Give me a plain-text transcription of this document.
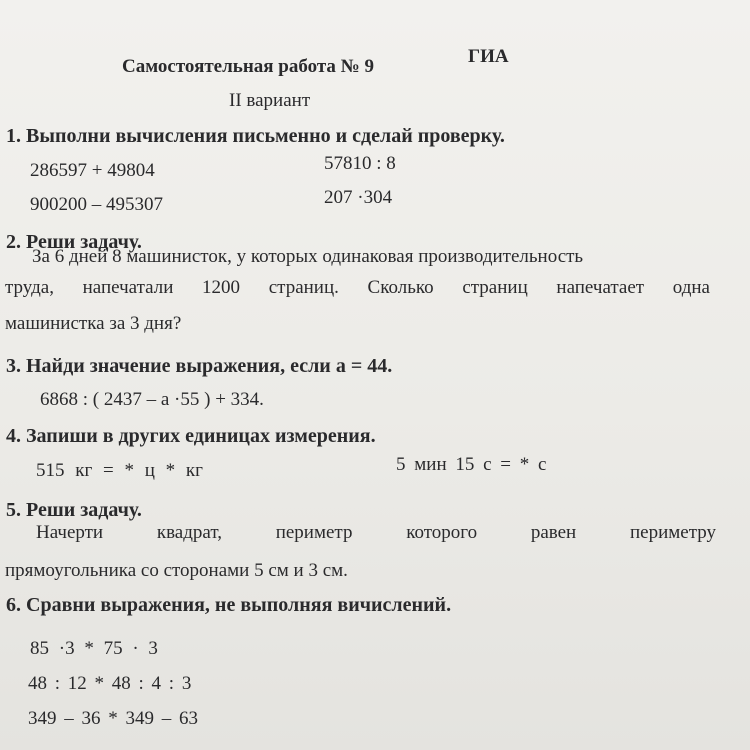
Самостоятельная работа № 9	ГИА
II вариант
1. Выполни вычисления письменно и сделай проверку.
286597 + 49804	57810 : 8
900200 – 495307	207 ·304
2. Реши задачу.
За 6 дней 8 машинисток, у которых одинаковая производительность
труда, напечатали 1200 страниц. Сколько страниц напечатает одна
машинистка за 3 дня?
3. Найди значение выражения, если а = 44.
6868 : ( 2437 – а ·55 ) + 334.
4. Запиши в других единицах измерения.
515 кг = * ц * кг	5 мин 15 с = * с
5. Реши задачу.
Начерти	квадрат,	периметр	которого	равен	периметру
прямоугольника со сторонами 5 см и 3 см.
6. Сравни выражения, не выполняя вичислений.
85 ·3 * 75 · 3
48 : 12 * 48 : 4 : 3
349 – 36 * 349 – 63
